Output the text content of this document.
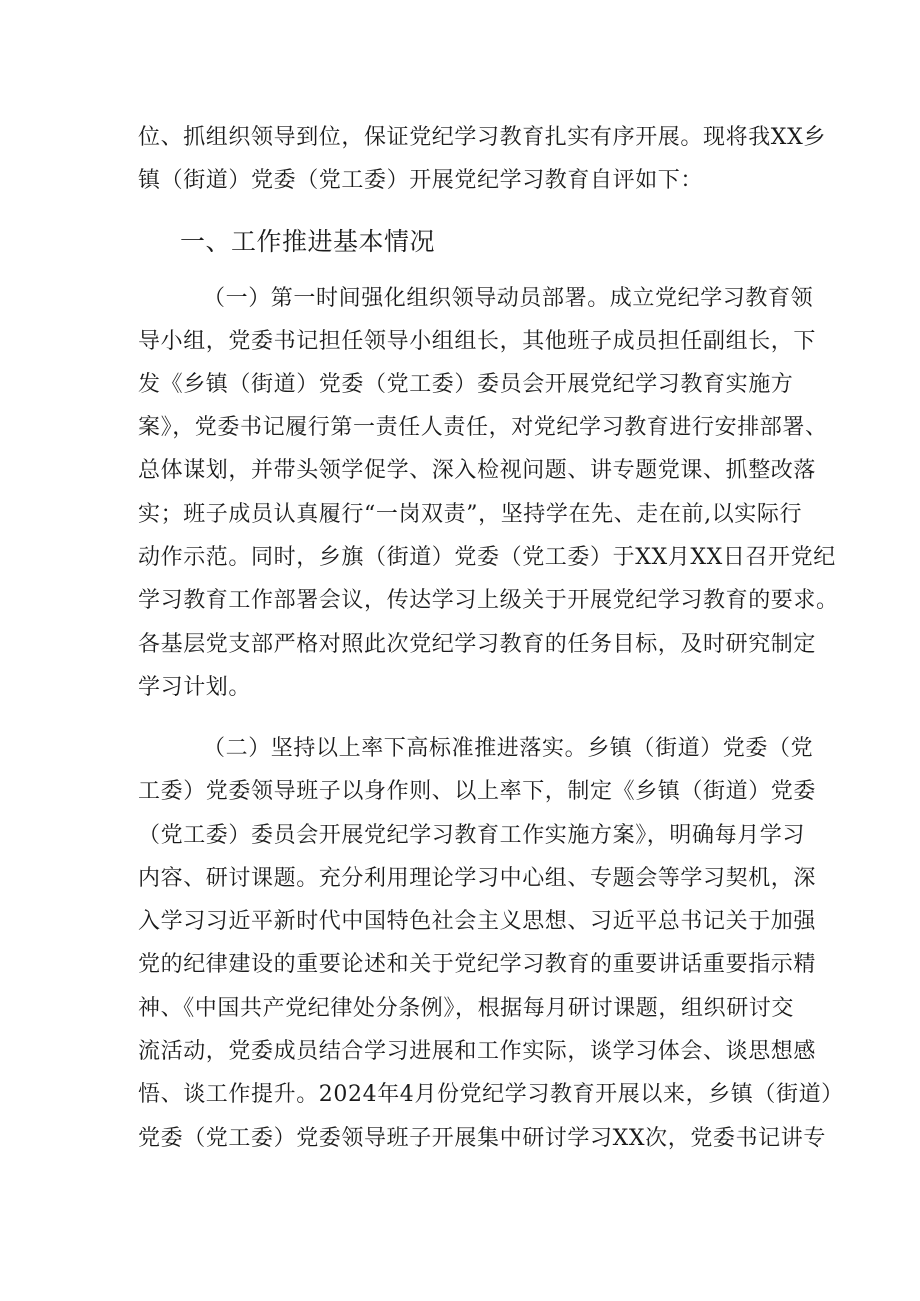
位、抓组织领导到位，保证党纪学习教育扎实有序开展。现将我XX乡
镇（街道）党委（党工委）开展党纪学习教育自评如下：
一、工作推进基本情况
（一）第一时间强化组织领导动员部署。成立党纪学习教育领
导小组，党委书记担任领导小组组长，其他班子成员担任副组长，下
发《乡镇（街道）党委（党工委）委员会开展党纪学习教育实施方
案》，党委书记履行第一责任人责任，对党纪学习教育进行安排部署、
总体谋划，并带头领学促学、深入检视问题、讲专题党课、抓整改落
实；班子成员认真履行“一岗双责”，坚持学在先、走在前,以实际行
动作示范。同时，乡旗（街道）党委（党工委）于XX月XX日召开党纪
学习教育工作部署会议，传达学习上级关于开展党纪学习教育的要求。
各基层党支部严格对照此次党纪学习教育的任务目标，及时研究制定
学习计划。
（二）坚持以上率下高标准推进落实。乡镇（街道）党委（党
工委）党委领导班子以身作则、以上率下，制定《乡镇（街道）党委
（党工委）委员会开展党纪学习教育工作实施方案》，明确每月学习
内容、研讨课题。充分利用理论学习中心组、专题会等学习契机，深
入学习习近平新时代中国特色社会主义思想、习近平总书记关于加强
党的纪律建设的重要论述和关于党纪学习教育的重要讲话重要指示精
神、《中国共产党纪律处分条例》，根据每月研讨课题，组织研讨交
流活动，党委成员结合学习进展和工作实际，谈学习体会、谈思想感
悟、谈工作提升。2024年4月份党纪学习教育开展以来，乡镇（街道）
党委（党工委）党委领导班子开展集中研讨学习XX次，党委书记讲专
